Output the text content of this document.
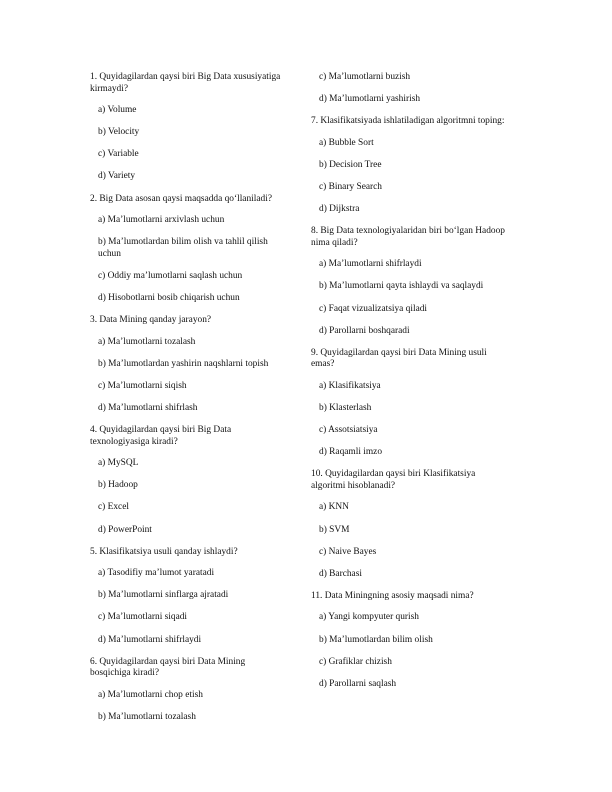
1. Quyidagilardan qaysi biri Big Data xususiyatiga kirmaydi?

a) Volume

b) Velocity

c) Variable

d) Variety

2. Big Data asosan qaysi maqsadda qo‘llaniladi?

a) Ma’lumotlarni arxivlash uchun

b) Ma’lumotlardan bilim olish va tahlil qilish uchun

c) Oddiy ma’lumotlarni saqlash uchun

d) Hisobotlarni bosib chiqarish uchun

3. Data Mining qanday jarayon?

a) Ma’lumotlarni tozalash

b) Ma’lumotlardan yashirin naqshlarni topish

c) Ma’lumotlarni siqish

d) Ma’lumotlarni shifrlash

4. Quyidagilardan qaysi biri Big Data texnologiyasiga kiradi?

a) MySQL

b) Hadoop

c) Excel

d) PowerPoint

5. Klasifikatsiya usuli qanday ishlaydi?

a) Tasodifiy ma’lumot yaratadi

b) Ma’lumotlarni sinflarga ajratadi

c) Ma’lumotlarni siqadi

d) Ma’lumotlarni shifrlaydi

6. Quyidagilardan qaysi biri Data Mining bosqichiga kiradi?

a) Ma’lumotlarni chop etish

b) Ma’lumotlarni tozalash

c) Ma’lumotlarni buzish

d) Ma’lumotlarni yashirish

7. Klasifikatsiyada ishlatiladigan algoritmni toping:

a) Bubble Sort

b) Decision Tree

c) Binary Search

d) Dijkstra

8. Big Data texnologiyalaridan biri bo‘lgan Hadoop nima qiladi?

a) Ma’lumotlarni shifrlaydi

b) Ma’lumotlarni qayta ishlaydi va saqlaydi

c) Faqat vizualizatsiya qiladi

d) Parollarni boshqaradi

9. Quyidagilardan qaysi biri Data Mining usuli emas?

a) Klasifikatsiya

b) Klasterlash

c) Assotsiatsiya

d) Raqamli imzo

10. Quyidagilardan qaysi biri Klasifikatsiya algoritmi hisoblanadi?

a) KNN

b) SVM

c) Naive Bayes

d) Barchasi

11. Data Miningning asosiy maqsadi nima?

a) Yangi kompyuter qurish

b) Ma’lumotlardan bilim olish

c) Grafiklar chizish

d) Parollarni saqlash
